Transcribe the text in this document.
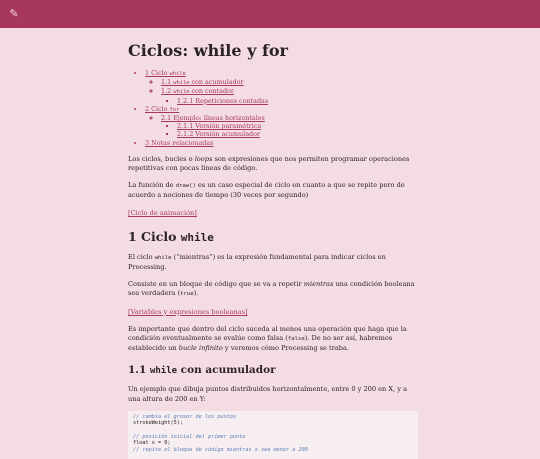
✎
Ciclos: while y for
• 1 Ciclo while
◦ 1.1 while con acumulador
◦ 1.2 while con contador
▪ 1.2.1 Repeticiones contadas
• 2 Ciclo for
◦ 2.1 Ejemplo: líneas horizontales
▪ 2.1.1 Versión paramétrica
▪ 2.1.2 Versión acumulador
• 3 Notas relacionadas

Los ciclos, bucles o loops son expresiones que nos permiten programar operaciones repetitivas con pocas líneas de código.

La función de draw() es un caso especial de ciclo en cuanto a que se repite pero de acuerdo a nociones de tiempo (30 veces por segundo)

[Ciclo de animación]

1 Ciclo while

El ciclo while (“mientras”) es la expresión fundamental para indicar ciclos en Processing.

Consiste en un bloque de código que se va a repetir mientras una condición booleana sea verdadera (true).

[Variables y expresiones booleanas]

Es importante que dentro del ciclo suceda al menos una operación que haga que la condición eventualmente se evalúe como falsa (false). De no ser así, habremos establecido un bucle infinito y veremos cómo Processing se traba.

1.1 while con acumulador

Un ejemplo que dibuja puntos distribuidos horizontalmente, entre 0 y 200 en X, y a una altura de 200 en Y:

// cambia el grosor de los puntos
strokeWeight(5);

// posición inicial del primer punto
float x = 0;
// repite el bloque de código mientras x sea menor a 200
